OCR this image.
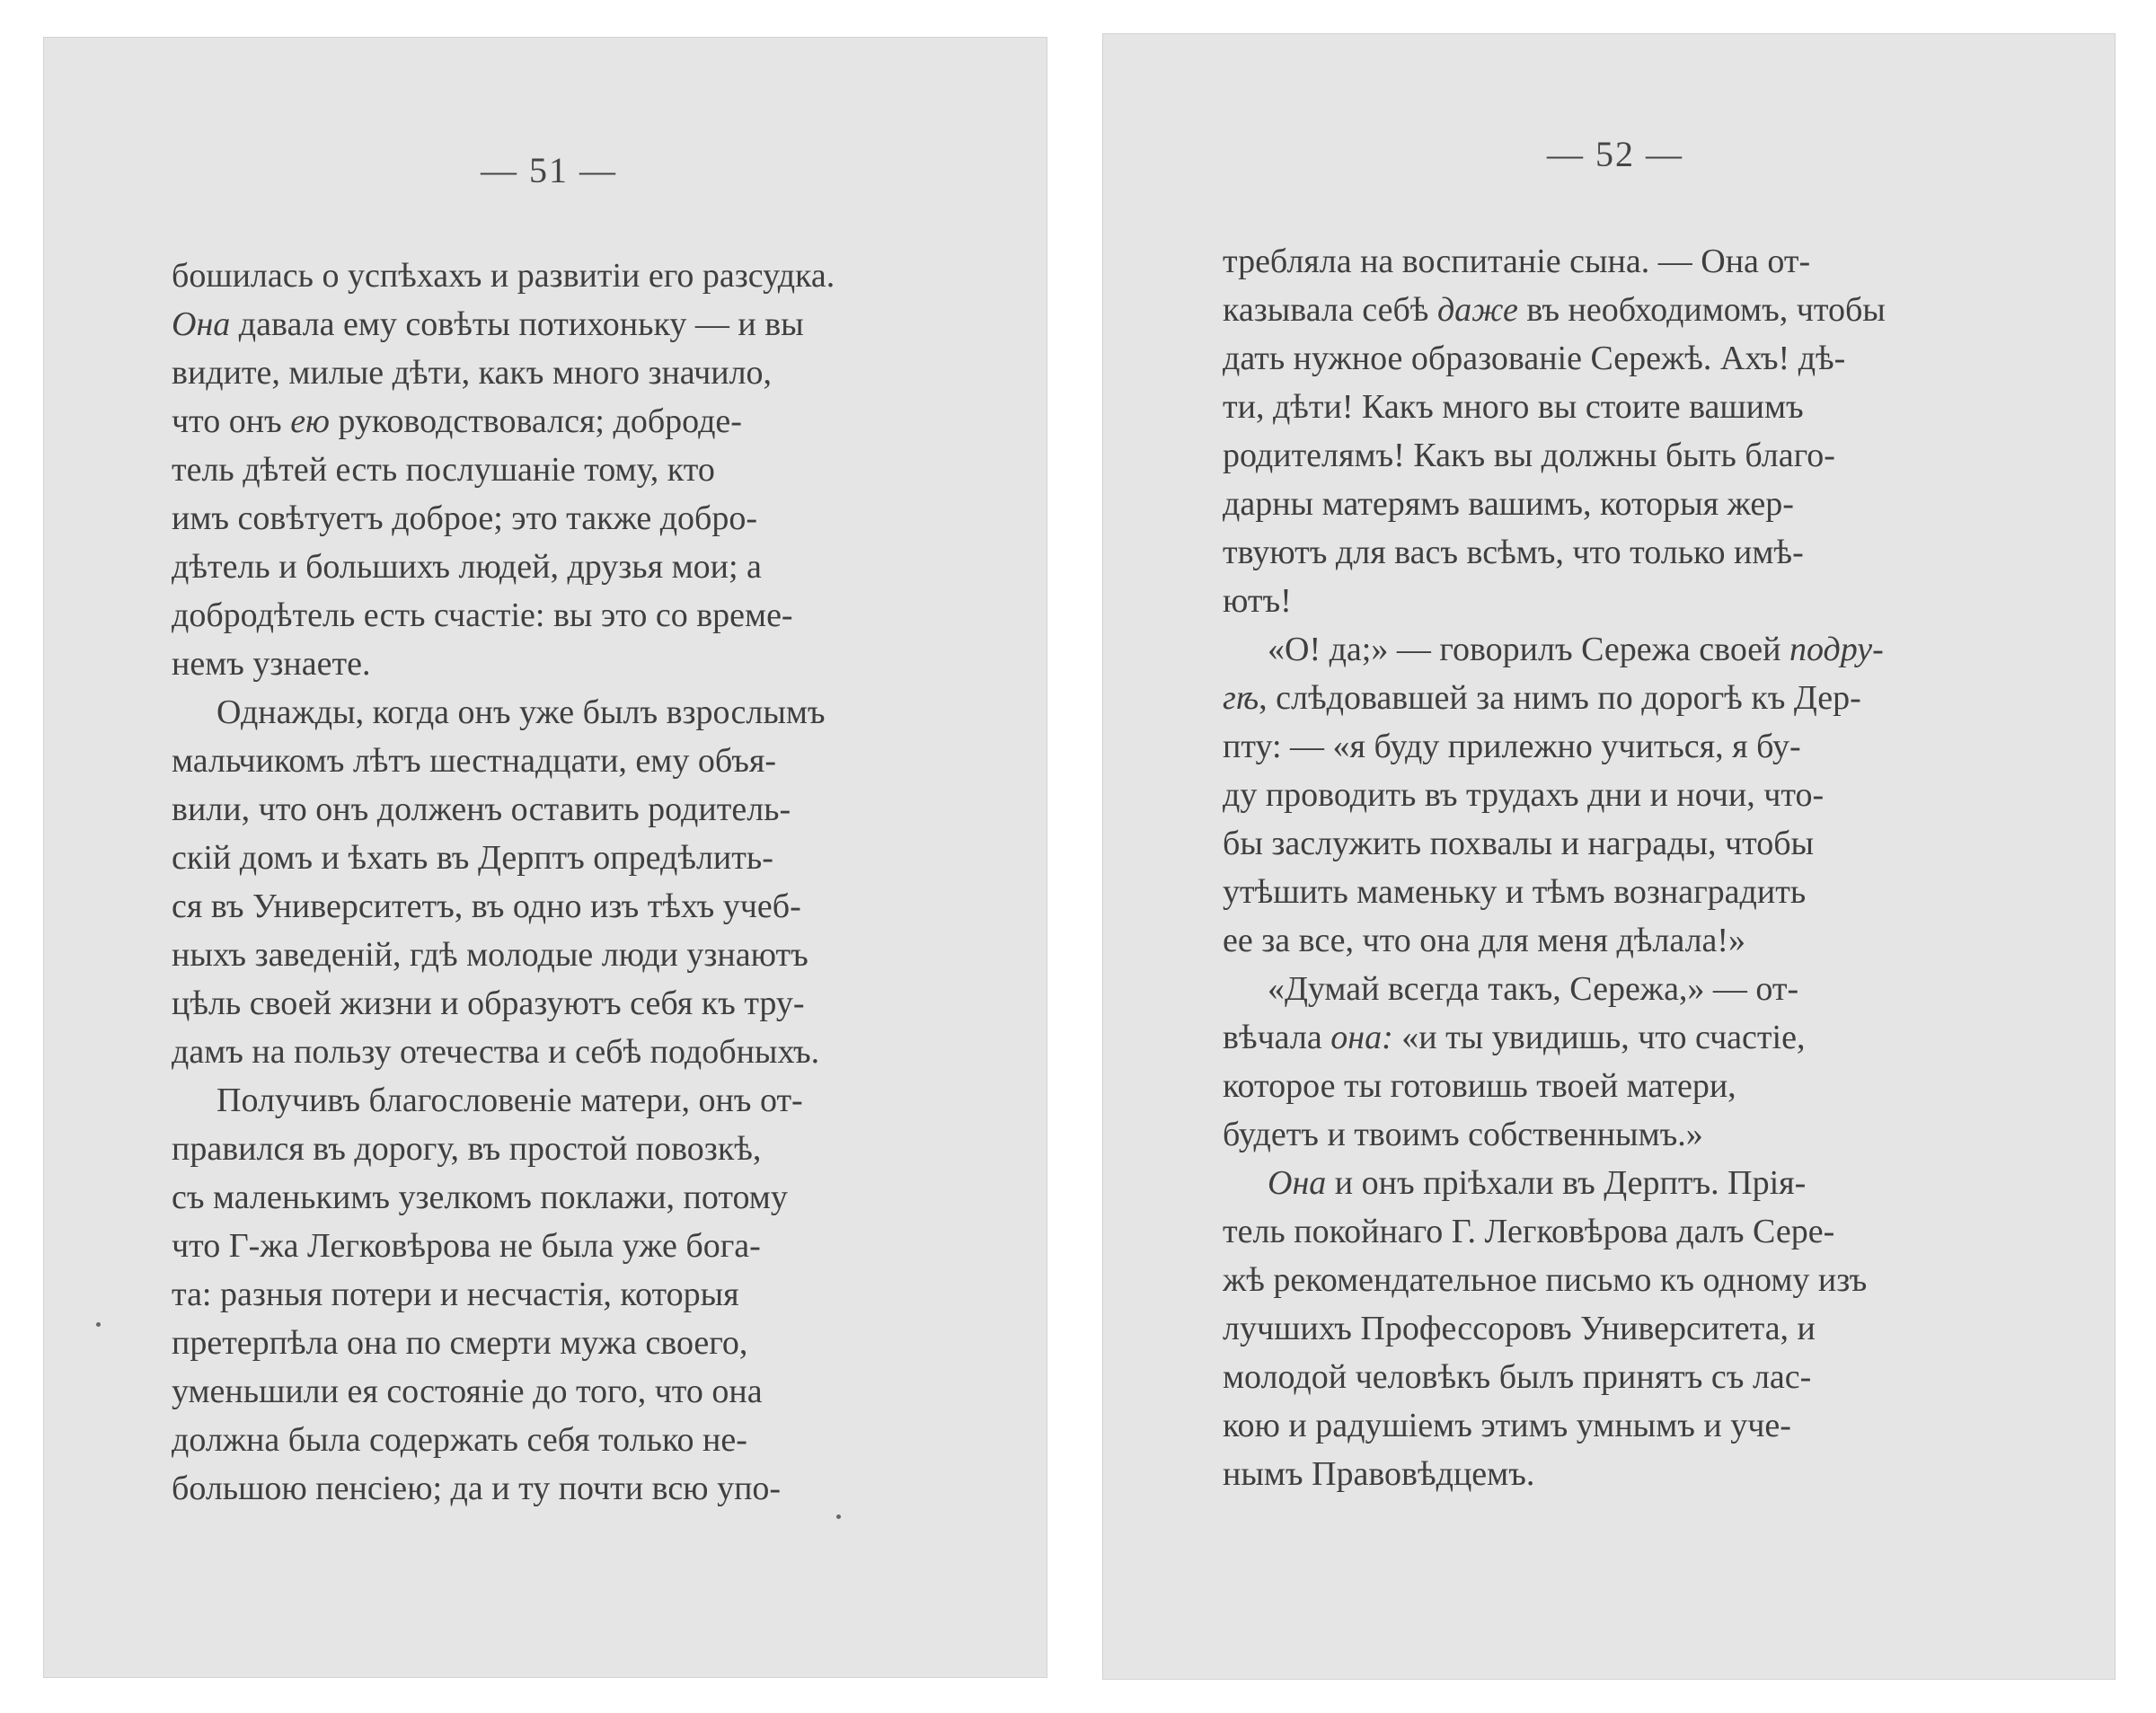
— 51 —
бошилась о успѣхахъ и развитіи его разсудка.
Она давала ему совѣты потихоньку — и вы
видите, милые дѣти, какъ много значило,
что онъ ею руководствовался; доброде-
тель дѣтей есть послушаніе тому, кто
имъ совѣтуетъ доброе; это также добро-
дѣтель и большихъ людей, друзья мои; а
добродѣтель есть счастіе: вы это со време-
немъ узнаете.
Однажды, когда онъ уже былъ взрослымъ
мальчикомъ лѣтъ шестнадцати, ему объя-
вили, что онъ долженъ оставить родитель-
скій домъ и ѣхать въ Дерптъ опредѣлить-
ся въ Университетъ, въ одно изъ тѣхъ учеб-
ныхъ заведеній, гдѣ молодые люди узнаютъ
цѣль своей жизни и образуютъ себя къ тру-
дамъ на пользу отечества и себѣ подобныхъ.
Получивъ благословеніе матери, онъ от-
правился въ дорогу, въ простой повозкѣ,
съ маленькимъ узелкомъ поклажи, потому
что Г-жа Легковѣрова не была уже бога-
та: разныя потери и несчастія, которыя
претерпѣла она по смерти мужа своего,
уменьшили ея состояніе до того, что она
должна была содержать себя только не-
большою пенсіею; да и ту почти всю упо-
— 52 —
требляла на воспитаніе сына. — Она от-
казывала себѣ даже въ необходимомъ, чтобы
дать нужное образованіе Сережѣ. Ахъ! дѣ-
ти, дѣти! Какъ много вы стоите вашимъ
родителямъ! Какъ вы должны быть благо-
дарны матерямъ вашимъ, которыя жер-
твуютъ для васъ всѣмъ, что только имѣ-
ютъ!
«О! да;» — говорилъ Сережа своей подру-
гѣ, слѣдовавшей за нимъ по дорогѣ къ Дер-
пту: — «я буду прилежно учиться, я бу-
ду проводить въ трудахъ дни и ночи, что-
бы заслужить похвалы и награды, чтобы
утѣшить маменьку и тѣмъ вознаградить
ее за все, что она для меня дѣлала!»
«Думай всегда такъ, Сережа,» — от-
вѣчала она: «и ты увидишь, что счастіе,
которое ты готовишь твоей матери,
будетъ и твоимъ собственнымъ.»
Она и онъ пріѣхали въ Дерптъ. Прія-
тель покойнаго Г. Легковѣрова далъ Сере-
жѣ рекомендательное письмо къ одному изъ
лучшихъ Профессоровъ Университета, и
молодой человѣкъ былъ принятъ съ лас-
кою и радушіемъ этимъ умнымъ и уче-
нымъ Правовѣдцемъ.
